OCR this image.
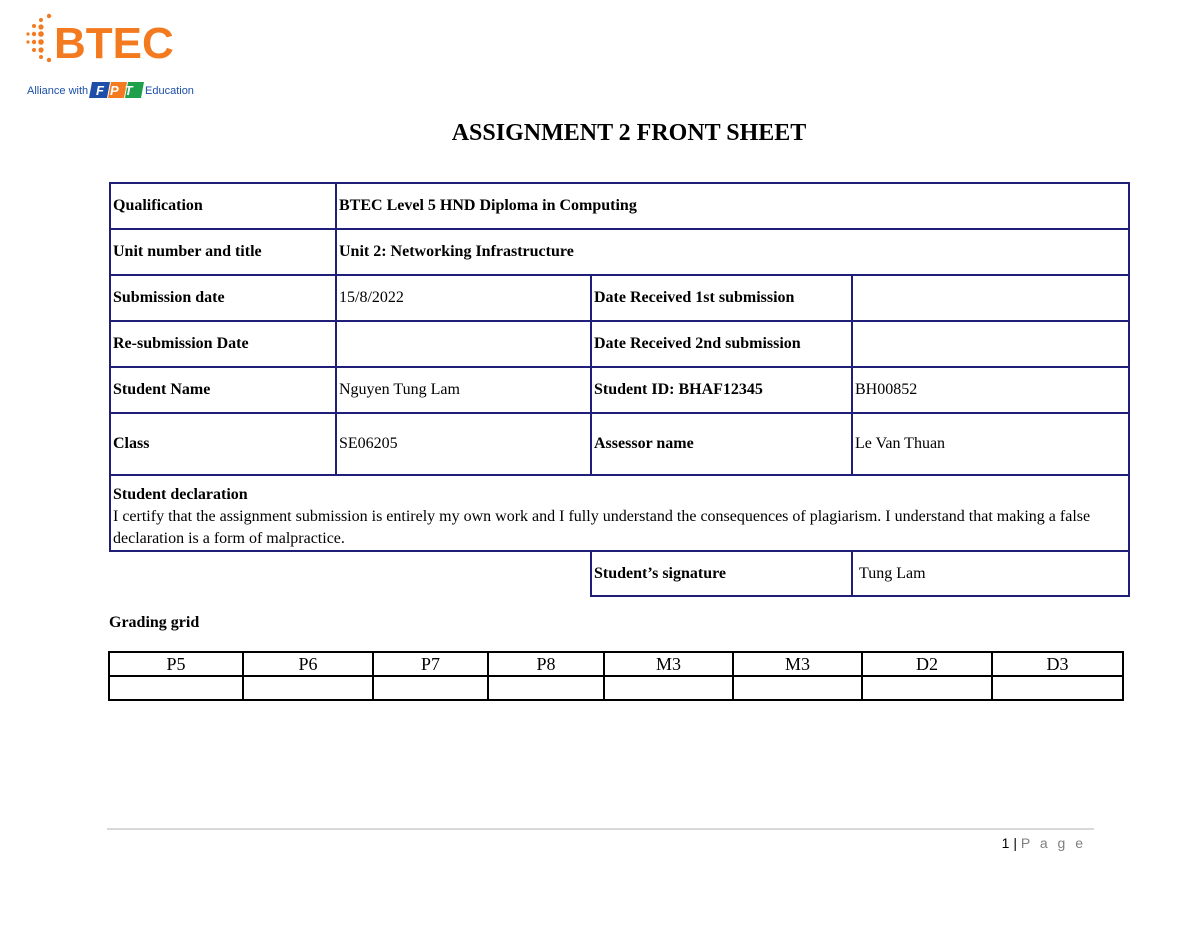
BTEC
Alliance with FPT Education
ASSIGNMENT 2 FRONT SHEET
Qualification	BTEC Level 5 HND Diploma in Computing		
Unit number and title	Unit 2: Networking Infrastructure		
Submission date	15/8/2022	Date Received 1st submission	
Re-submission Date		Date Received 2nd submission	
Student Name	Nguyen Tung Lam	Student ID: BHAF12345	BH00852
Class	SE06205	Assessor name	Le Van Thuan

Student declaration
I certify that the assignment submission is entirely my own work and I fully understand the consequences of plagiarism. I understand that making a false declaration is a form of malpractice.			

		Student’s signature	Tung Lam
Grading grid
P5	P6	P7	P8	M3	M3	D2	D3

1 | P a g e
